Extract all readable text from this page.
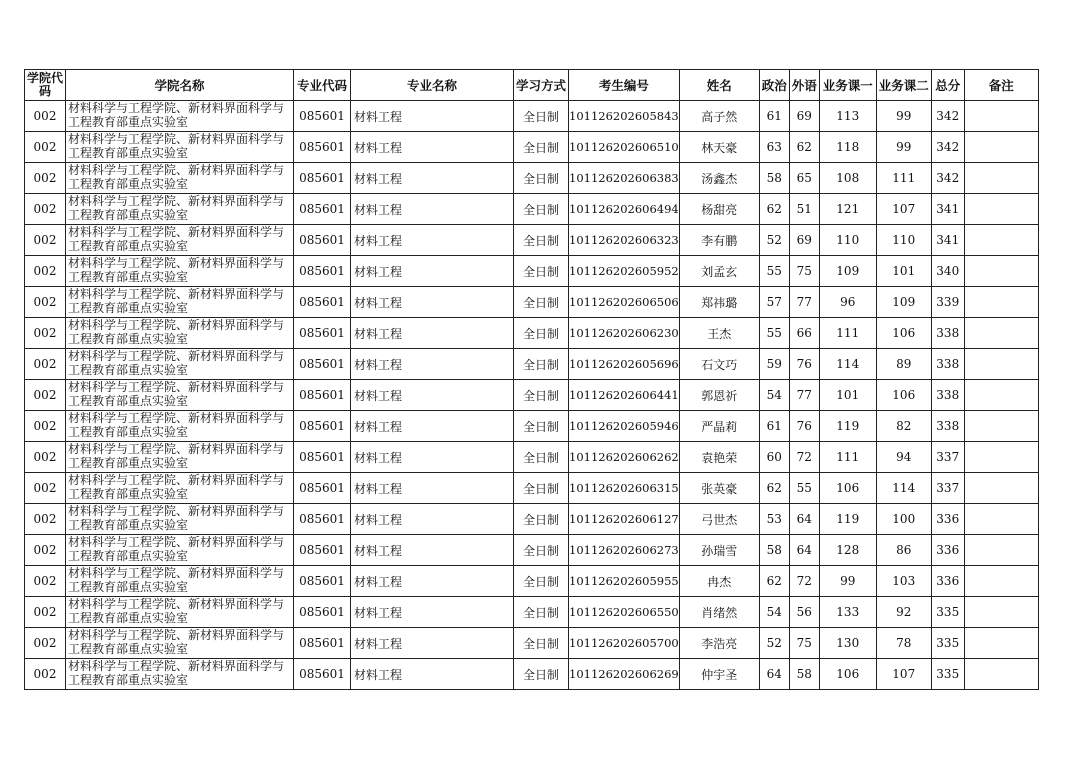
学院代码	学院名称	专业代码	专业名称	学习方式	考生编号	姓名	政治	外语	业务课一	业务课二	总分	备注
002	材料科学与工程学院、新材料界面科学与工程教育部重点实验室	085601	材料工程	全日制	101126202605843	高子然	61	69	113	99	342	
002	材料科学与工程学院、新材料界面科学与工程教育部重点实验室	085601	材料工程	全日制	101126202606510	林天豪	63	62	118	99	342	
002	材料科学与工程学院、新材料界面科学与工程教育部重点实验室	085601	材料工程	全日制	101126202606383	汤鑫杰	58	65	108	111	342	
002	材料科学与工程学院、新材料界面科学与工程教育部重点实验室	085601	材料工程	全日制	101126202606494	杨甜亮	62	51	121	107	341	
002	材料科学与工程学院、新材料界面科学与工程教育部重点实验室	085601	材料工程	全日制	101126202606323	李有鹏	52	69	110	110	341	
002	材料科学与工程学院、新材料界面科学与工程教育部重点实验室	085601	材料工程	全日制	101126202605952	刘孟玄	55	75	109	101	340	
002	材料科学与工程学院、新材料界面科学与工程教育部重点实验室	085601	材料工程	全日制	101126202606506	郑祎璐	57	77	96	109	339	
002	材料科学与工程学院、新材料界面科学与工程教育部重点实验室	085601	材料工程	全日制	101126202606230	王杰	55	66	111	106	338	
002	材料科学与工程学院、新材料界面科学与工程教育部重点实验室	085601	材料工程	全日制	101126202605696	石文巧	59	76	114	89	338	
002	材料科学与工程学院、新材料界面科学与工程教育部重点实验室	085601	材料工程	全日制	101126202606441	郭恩祈	54	77	101	106	338	
002	材料科学与工程学院、新材料界面科学与工程教育部重点实验室	085601	材料工程	全日制	101126202605946	严晶莉	61	76	119	82	338	
002	材料科学与工程学院、新材料界面科学与工程教育部重点实验室	085601	材料工程	全日制	101126202606262	袁艳荣	60	72	111	94	337	
002	材料科学与工程学院、新材料界面科学与工程教育部重点实验室	085601	材料工程	全日制	101126202606315	张英豪	62	55	106	114	337	
002	材料科学与工程学院、新材料界面科学与工程教育部重点实验室	085601	材料工程	全日制	101126202606127	弓世杰	53	64	119	100	336	
002	材料科学与工程学院、新材料界面科学与工程教育部重点实验室	085601	材料工程	全日制	101126202606273	孙瑞雪	58	64	128	86	336	
002	材料科学与工程学院、新材料界面科学与工程教育部重点实验室	085601	材料工程	全日制	101126202605955	冉杰	62	72	99	103	336	
002	材料科学与工程学院、新材料界面科学与工程教育部重点实验室	085601	材料工程	全日制	101126202606550	肖绪然	54	56	133	92	335	
002	材料科学与工程学院、新材料界面科学与工程教育部重点实验室	085601	材料工程	全日制	101126202605700	李浩亮	52	75	130	78	335	
002	材料科学与工程学院、新材料界面科学与工程教育部重点实验室	085601	材料工程	全日制	101126202606269	仲宇圣	64	58	106	107	335	
